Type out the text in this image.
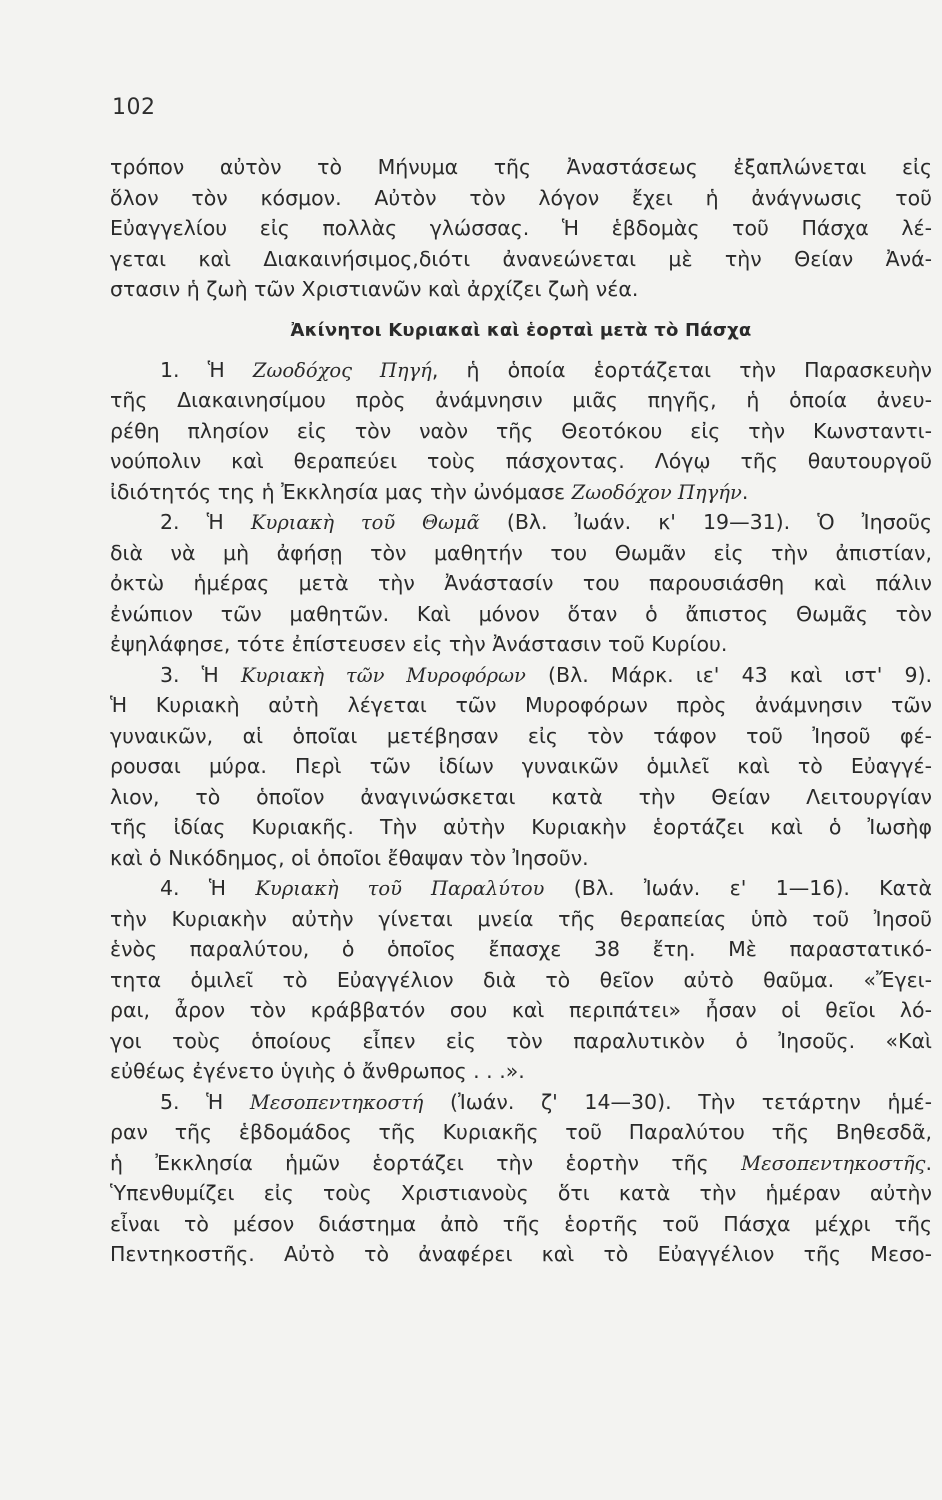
102
τρόπον αὐτὸν τὸ Μήνυμα τῆς Ἀναστάσεως ἐξαπλώνεται εἰς
ὅλον τὸν κόσμον. Αὐτὸν τὸν λόγον ἔχει ἡ ἀνάγνωσις τοῦ
Εὐαγγελίου εἰς πολλὰς γλώσσας. Ἡ ἑβδομὰς τοῦ Πάσχα λέ-
γεται καὶ Διακαινήσιμος,διότι ἀνανεώνεται μὲ τὴν Θείαν Ἀνά-
στασιν ἡ ζωὴ τῶν Χριστιανῶν καὶ ἀρχίζει ζωὴ νέα.
Ἀκίνητοι Κυριακαὶ καὶ ἑορταὶ μετὰ τὸ Πάσχα
1. Ἡ Ζωοδόχος Πηγή, ἡ ὁποία ἑορτάζεται τὴν Παρασκευὴν
τῆς Διακαινησίμου πρὸς ἀνάμνησιν μιᾶς πηγῆς, ἡ ὁποία ἀνευ-
ρέθη πλησίον εἰς τὸν ναὸν τῆς Θεοτόκου εἰς τὴν Κωνσταντι-
νούπολιν καὶ θεραπεύει τοὺς πάσχοντας. Λόγῳ τῆς θαυτουργοῦ
ἰδιότητός της ἡ Ἐκκλησία μας τὴν ὠνόμασε Ζωοδόχον Πηγήν.
2. Ἡ Κυριακὴ τοῦ Θωμᾶ (Βλ. Ἰωάν. κ' 19—31). Ὁ Ἰησοῦς
διὰ νὰ μὴ ἀφήσῃ τὸν μαθητήν του Θωμᾶν εἰς τὴν ἀπιστίαν,
ὀκτὼ ἡμέρας μετὰ τὴν Ἀνάστασίν του παρουσιάσθη καὶ πάλιν
ἐνώπιον τῶν μαθητῶν. Καὶ μόνον ὅταν ὁ ἄπιστος Θωμᾶς τὸν
ἐψηλάφησε, τότε ἐπίστευσεν εἰς τὴν Ἀνάστασιν τοῦ Κυρίου.
3. Ἡ Κυριακὴ τῶν Μυροφόρων (Βλ. Μάρκ. ιε' 43 καὶ ιστ' 9).
Ἡ Κυριακὴ αὐτὴ λέγεται τῶν Μυροφόρων πρὸς ἀνάμνησιν τῶν
γυναικῶν, αἱ ὁποῖαι μετέβησαν εἰς τὸν τάφον τοῦ Ἰησοῦ φέ-
ρουσαι μύρα. Περὶ τῶν ἰδίων γυναικῶν ὁμιλεῖ καὶ τὸ Εὐαγγέ-
λιον, τὸ ὁποῖον ἀναγινώσκεται κατὰ τὴν Θείαν Λειτουργίαν
τῆς ἰδίας Κυριακῆς. Τὴν αὐτὴν Κυριακὴν ἑορτάζει καὶ ὁ Ἰωσὴφ
καὶ ὁ Νικόδημος, οἱ ὁποῖοι ἔθαψαν τὸν Ἰησοῦν.
4. Ἡ Κυριακὴ τοῦ Παραλύτου (Βλ. Ἰωάν. ε' 1—16). Κατὰ
τὴν Κυριακὴν αὐτὴν γίνεται μνεία τῆς θεραπείας ὑπὸ τοῦ Ἰησοῦ
ἑνὸς παραλύτου, ὁ ὁποῖος ἔπασχε 38 ἔτη. Μὲ παραστατικό-
τητα ὁμιλεῖ τὸ Εὐαγγέλιον διὰ τὸ θεῖον αὐτὸ θαῦμα. «Ἔγει-
ραι, ἆρον τὸν κράββατόν σου καὶ περιπάτει» ἦσαν οἱ θεῖοι λό-
γοι τοὺς ὁποίους εἶπεν εἰς τὸν παραλυτικὸν ὁ Ἰησοῦς. «Καὶ
εὐθέως ἐγένετο ὑγιὴς ὁ ἄνθρωπος . . .».
5. Ἡ Μεσοπεντηκοστή (Ἰωάν. ζ' 14—30). Τὴν τετάρτην ἡμέ-
ραν τῆς ἑβδομάδος τῆς Κυριακῆς τοῦ Παραλύτου τῆς Βηθεσδᾶ,
ἡ Ἐκκλησία ἡμῶν ἑορτάζει τὴν ἑορτὴν τῆς Μεσοπεντηκοστῆς.
Ὑπενθυμίζει εἰς τοὺς Χριστιανοὺς ὅτι κατὰ τὴν ἡμέραν αὐτὴν
εἶναι τὸ μέσον διάστημα ἀπὸ τῆς ἑορτῆς τοῦ Πάσχα μέχρι τῆς
Πεντηκοστῆς. Αὐτὸ τὸ ἀναφέρει καὶ τὸ Εὐαγγέλιον τῆς Μεσο-
